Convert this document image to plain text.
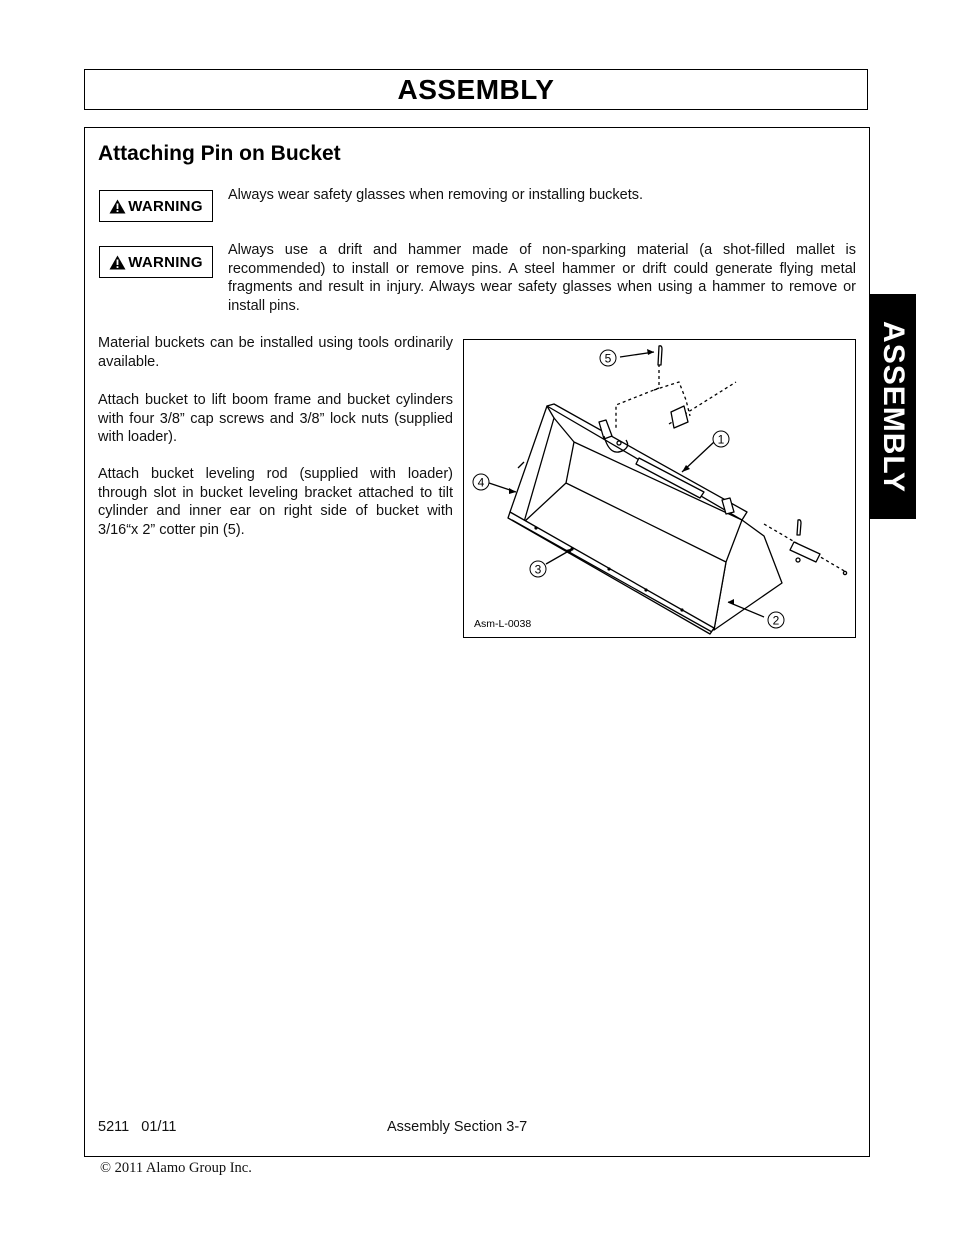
ASSEMBLY
ASSEMBLY
Attaching Pin on Bucket
WARNING

Always wear safety glasses when removing or installing buckets.

WARNING

Always use a drift and hammer made of non-sparking material (a shot-filled mallet is recommended) to install or remove pins. A steel hammer or drift could generate flying metal fragments and result in injury. Always wear safety glasses when using a hammer to remove or install pins.

Material buckets can be installed using tools ordinarily available.

Attach bucket to lift boom frame and bucket cylinders with four 3/8” cap screws and 3/8” lock nuts (supplied with loader).

Attach bucket leveling rod (supplied with loader) through slot in bucket leveling bracket attached to tilt cylinder and inner ear on right side of bucket with 3/16“x 2” cotter pin (5).

5
1
4
3
2
Asm-L-0038
5211   01/11	Assembly Section 3-7
© 2011 Alamo Group Inc.
